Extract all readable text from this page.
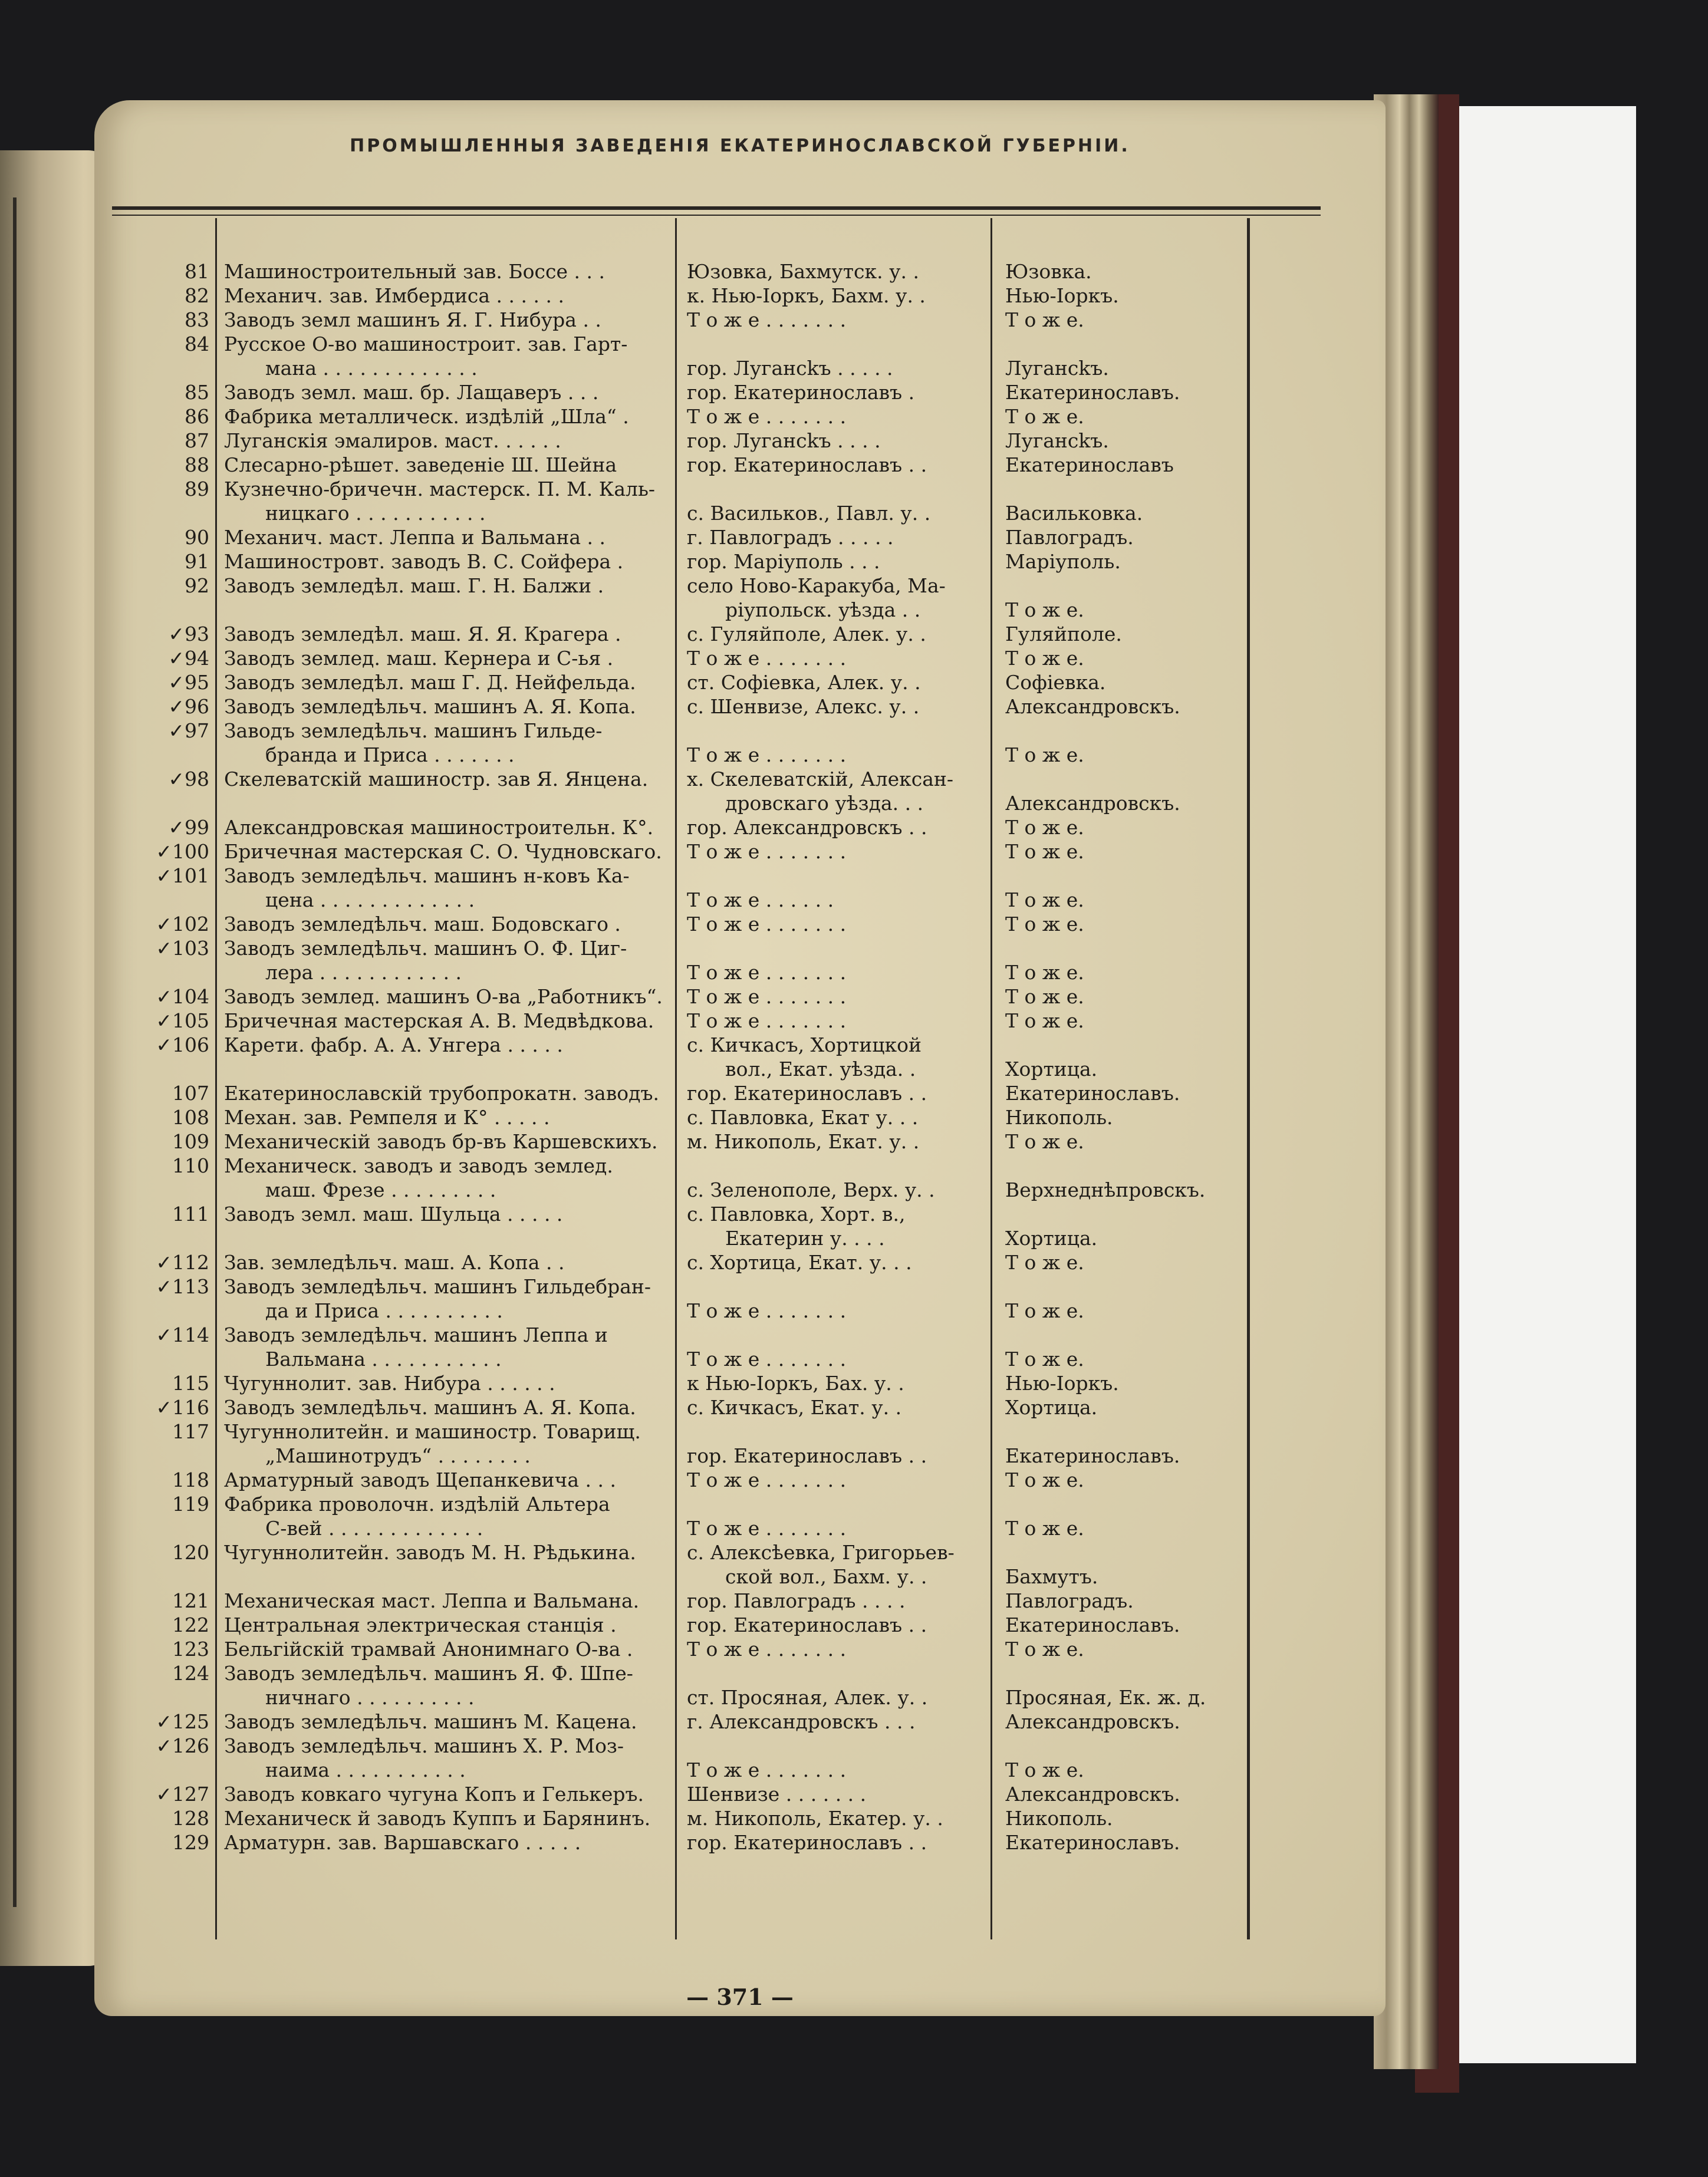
ПРОМЫШЛЕННЫЯ ЗАВЕДЕНІЯ ЕКАТЕРИНОСЛАВСКОЙ ГУБЕРНІИ.
81 Машиностроительный зав. Боссе . . .	Юзовка, Бахмутск. у. .	Юзовка.
82 Механич. зав. Имбердиса . . . . . .	к. Нью-Іоркъ, Бахм. у. .	Нью-Іоркъ.
83 Заводъ земл машинъ Я. Г. Нибура . .	Т о ж е . . . . . . .	Т о ж е.
84 Русское О-во машиностроит. зав. Гарт-
мана . . . . . . . . . . . . .	гор. Лугансkъ . . . . .	Лугансkъ.
85 Заводъ земл. маш. бр. Лащаверъ . . .	гор. Екатеринославъ .	Екатеринославъ.
86 Фабрика металлическ. издѣлій „Шла“ .	Т о ж е . . . . . . .	Т о ж е.
87 Луганскія эмалиров. маст. . . . . .	гор. Лугансkъ . . . .	Лугансkъ.
88 Слесарно-рѣшет. заведеніе Ш. Шейна	гор. Екатеринославъ . .	Екатеринославъ
89 Кузнечно-бричечн. мастерск. П. М. Каль-
ницкаго . . . . . . . . . . .	с. Васильков., Павл. у. .	Васильковка.
90 Механич. маст. Леппа и Вальмана . .	г. Павлоградъ . . . . .	Павлоградъ.
91 Машиностровт. заводъ В. С. Сойфера .	гор. Маріуполь . . .	Маріуполь.
92 Заводъ земледѣл. маш. Г. Н. Балжи .	село Ново-Каракуба, Ма-
ріупольск. уѣзда . .	Т о ж е.
✓93 Заводъ земледѣл. маш. Я. Я. Крагера .	с. Гуляйполе, Алек. у. .	Гуляйполе.
✓94 Заводъ землед. маш. Кернера и С-ья .	Т о ж е . . . . . . .	Т о ж е.
✓95 Заводъ земледѣл. маш Г. Д. Нейфельда.	ст. Софіевка, Алек. у. .	Софіевка.
✓96 Заводъ земледѣльч. машинъ А. Я. Копа.	с. Шенвизе, Алекс. у. .	Александровскъ.
✓97 Заводъ земледѣльч. машинъ Гильде-
бранда и Приса . . . . . . .	Т о ж е . . . . . . .	Т о ж е.
✓98 Скелеватскій машиностр. зав Я. Янцена.	х. Скелеватскій, Алексан-
дровскаго уѣзда. . .	Александровскъ.
✓99 Александровская машиностроительн. К°.	гор. Александровскъ . .	Т о ж е.
✓100 Бричечная мастерская С. О. Чудновскаго.	Т о ж е . . . . . . .	Т о ж е.
✓101 Заводъ земледѣльч. машинъ н-ковъ Ка-
цена . . . . . . . . . . . . .	Т о ж е . . . . . .	Т о ж е.
✓102 Заводъ земледѣльч. маш. Бодовскаго .	Т о ж е . . . . . . .	Т о ж е.
✓103 Заводъ земледѣльч. машинъ О. Ф. Циг-
лера . . . . . . . . . . . .	Т о ж е . . . . . . .	Т о ж е.
✓104 Заводъ землед. машинъ О-ва „Работникъ“.	Т о ж е . . . . . . .	Т о ж е.
✓105 Бричечная мастерская А. В. Медвѣдкова.	Т о ж е . . . . . . .	Т о ж е.
✓106 Карети. фабр. А. А. Унгера . . . . .	с. Кичкасъ, Хортицкой
вол., Екат. уѣзда. .	Хортица.
107 Екатеринославскій трубопрокатн. заводъ.	гор. Екатеринославъ . .	Екатеринославъ.
108 Механ. зав. Ремпеля и К° . . . . .	с. Павловка, Екат у. . .	Никополь.
109 Механическій заводъ бр-въ Каршевскихъ.	м. Никополь, Екат. у. .	Т о ж е.
110 Механическ. заводъ и заводъ землед.
маш. Фрезе . . . . . . . . .	с. Зеленополе, Верх. у. .	Верхнеднѣпровскъ.
111 Заводъ земл. маш. Шульца . . . . .	с. Павловка, Хорт. в.,
Екатерин у. . . .	Хортица.
✓112 Зав. земледѣльч. маш. А. Копа . .	с. Хортица, Екат. у. . .	Т о ж е.
✓113 Заводъ земледѣльч. машинъ Гильдебран-
да и Приса . . . . . . . . . .	Т о ж е . . . . . . .	Т о ж е.
✓114 Заводъ земледѣльч. машинъ Леппа и
Вальмана . . . . . . . . . . .	Т о ж е . . . . . . .	Т о ж е.
115 Чугуннолит. зав. Нибура . . . . . .	к Нью-Іоркъ, Бах. у. .	Нью-Іоркъ.
✓116 Заводъ земледѣльч. машинъ А. Я. Копа.	с. Кичкасъ, Екат. у. .	Хортица.
117 Чугуннолитейн. и машиностр. Товарищ.
„Машинотрудъ“ . . . . . . . .	гор. Екатеринославъ . .	Екатеринославъ.
118 Арматурный заводъ Щепанкевича . . .	Т о ж е . . . . . . .	Т о ж е.
119 Фабрика проволочн. издѣлій Альтера
С-вей . . . . . . . . . . . . .	Т о ж е . . . . . . .	Т о ж е.
120 Чугуннолитейн. заводъ М. Н. Рѣдькина.	с. Алексѣевка, Григорьев-
ской вол., Бахм. у. .	Бахмутъ.
121 Механическая маст. Леппа и Вальмана.	гор. Павлоградъ . . . .	Павлоградъ.
122 Центральная электрическая станція .	гор. Екатеринославъ . .	Екатеринославъ.
123 Бельгійскій трамвай Анонимнаго О-ва .	Т о ж е . . . . . . .	Т о ж е.
124 Заводъ земледѣльч. машинъ Я. Ф. Шпе-
ничнаго . . . . . . . . . .	ст. Просяная, Алек. у. .	Просяная, Ек. ж. д.
✓125 Заводъ земледѣльч. машинъ М. Кацена.	г. Александровскъ . . .	Александровскъ.
✓126 Заводъ земледѣльч. машинъ Х. Р. Моз-
наима . . . . . . . . . . .	Т о ж е . . . . . . .	Т о ж е.
✓127 Заводъ ковкаго чугуна Копъ и Гелькеръ.	Шенвизе . . . . . . .	Александровскъ.
128 Механическ й заводъ Куппъ и Барянинъ.	м. Никополь, Екатер. у. .	Никополь.
129 Арматурн. зав. Варшавскаго . . . . .	гор. Екатеринославъ . .	Екатеринославъ.
— 371 —
